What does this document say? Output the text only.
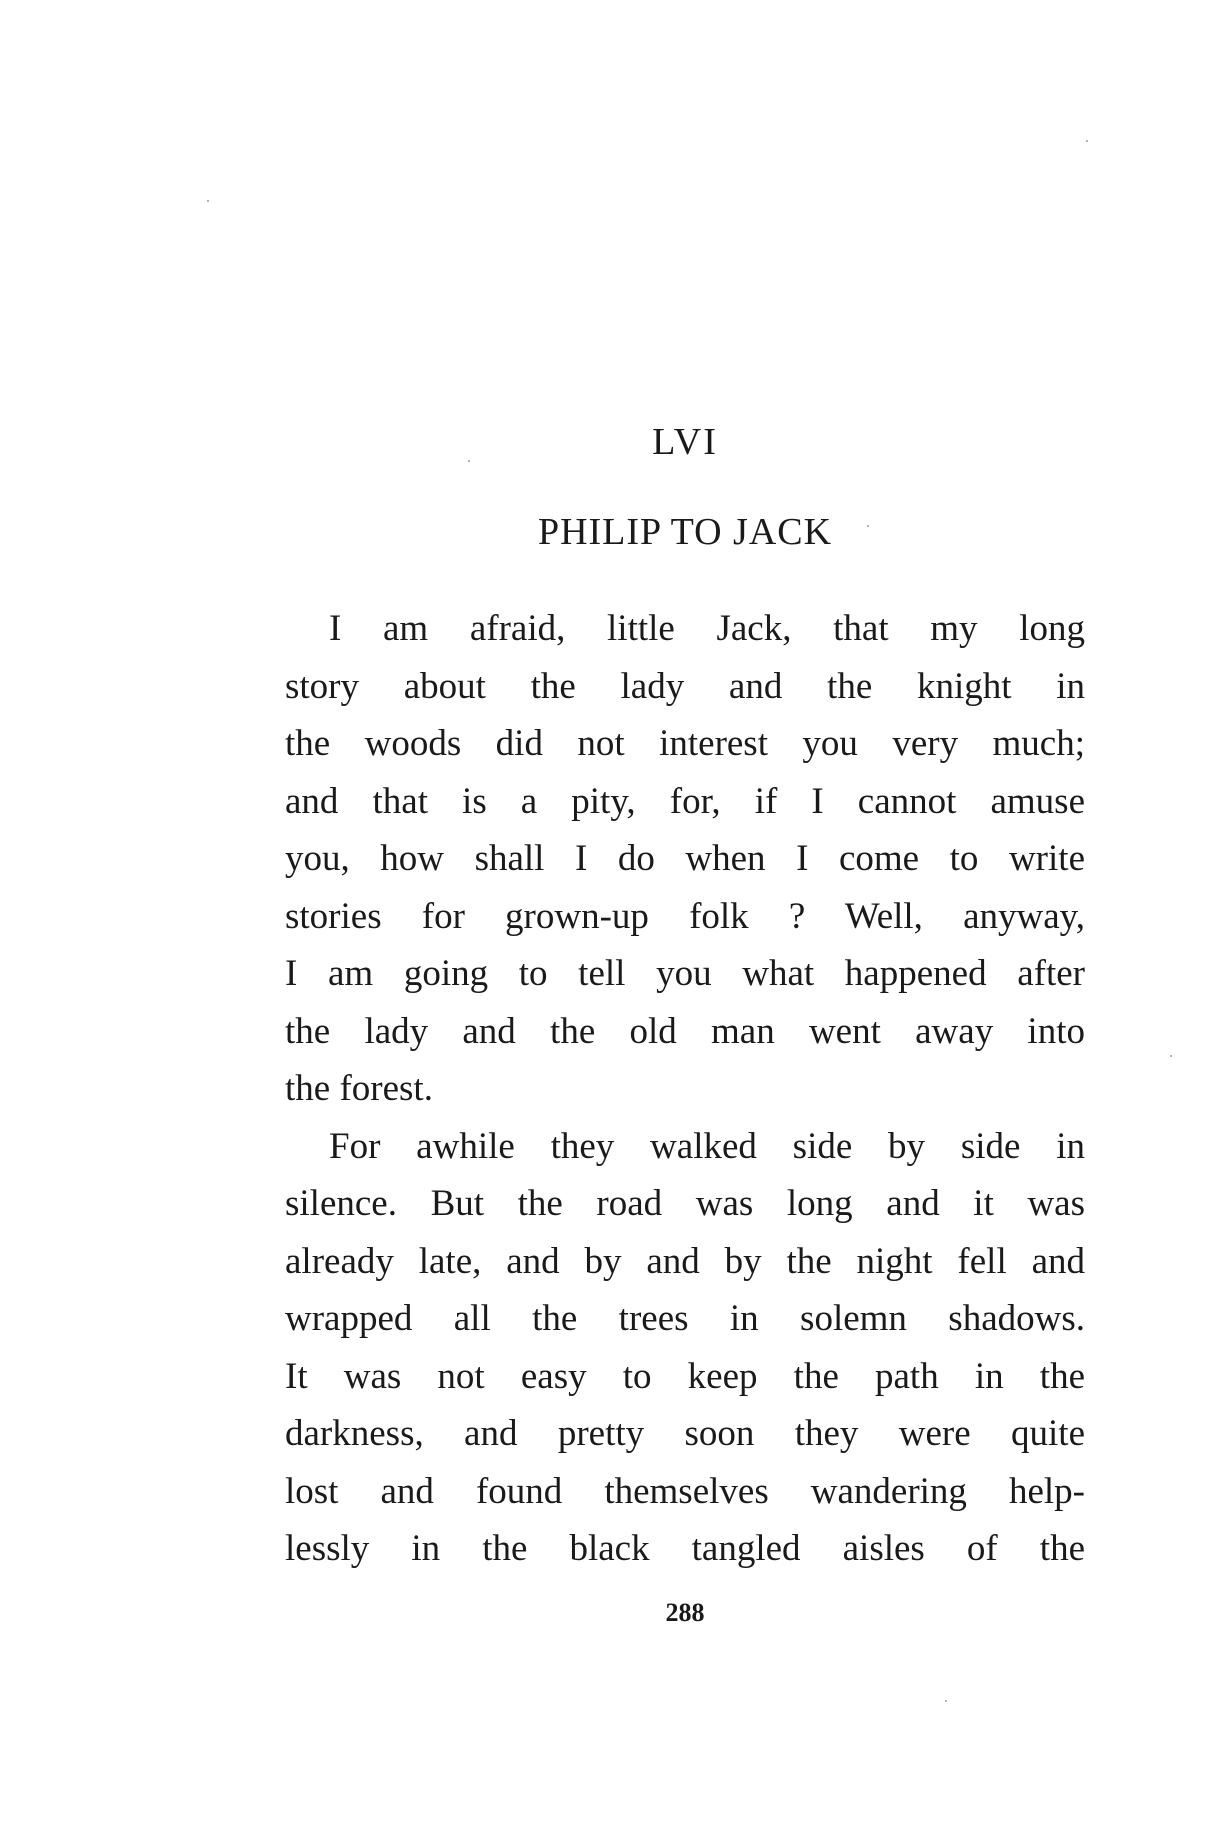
LVI
PHILIP TO JACK
I am afraid, little Jack, that my long
story about the lady and the knight in
the woods did not interest you very much;
and that is a pity, for, if I cannot amuse
you, how shall I do when I come to write
stories for grown-up folk ? Well, anyway,
I am going to tell you what happened after
the lady and the old man went away into
the forest.
For awhile they walked side by side in
silence. But the road was long and it was
already late, and by and by the night fell and
wrapped all the trees in solemn shadows.
It was not easy to keep the path in the
darkness, and pretty soon they were quite
lost and found themselves wandering help-
lessly in the black tangled aisles of the
288
